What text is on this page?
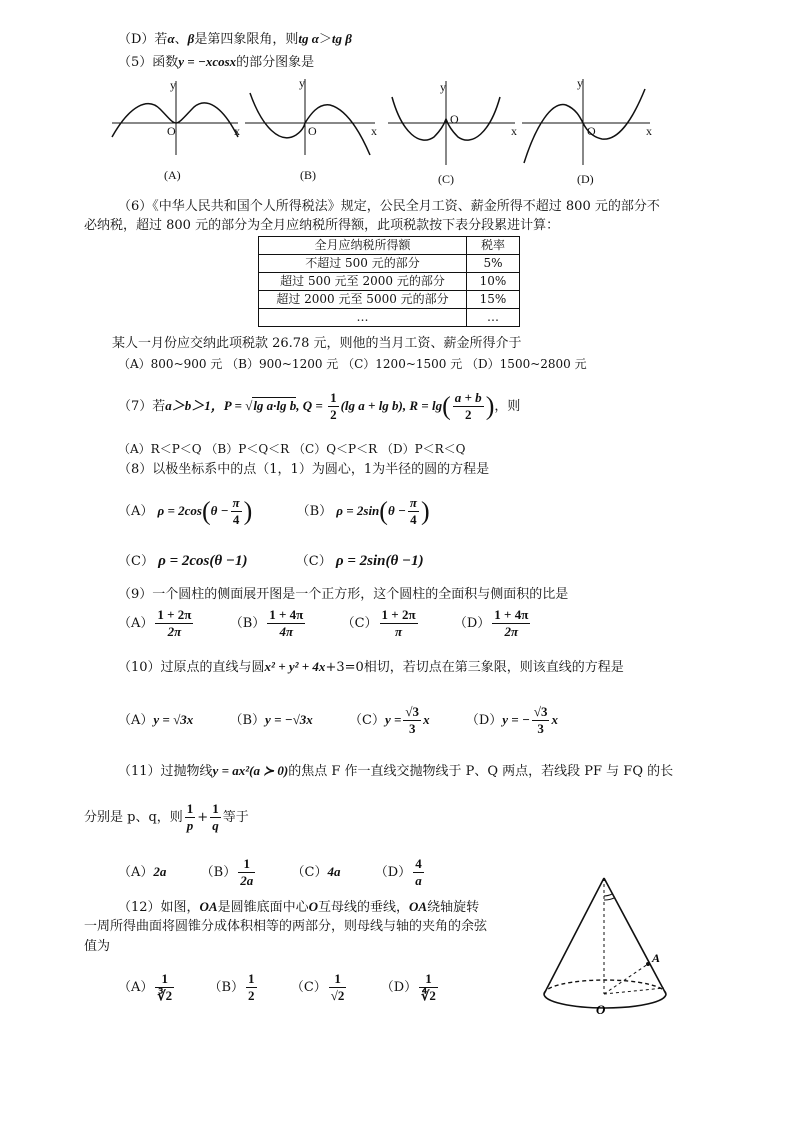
（D）若α、β是第四象限角，则tg α＞tg β
（5）函数y = −xcosx的部分图象是
y
O	x
(A)
y
O	x
(B)
y
O
x
(C)
y
O	x
(D)
（6）《中华人民共和国个人所得税法》规定，公民全月工资、薪金所得不超过 800 元的部分不
必纳税，超过 800 元的部分为全月应纳税所得额，此项税款按下表分段累进计算：
全月应纳税所得额	税率
不超过 500 元的部分	5%
超过 500 元至 2000 元的部分	10%
超过 2000 元至 5000 元的部分	15%
…	…
某人一月份应交纳此项税款 26.78 元，则他的当月工资、薪金所得介于
（A）800~900 元 （B）900~1200 元 （C）1200~1500 元 （D）1500~2800 元
（7）若a＞b＞1，P = √lg a·lg b, $Q = \frac{1}{2} (\lg$ a + lg b), $R = \lg( \frac{a + b}{2}$ )，则
（A）R＜P＜Q （B）P＜Q＜R （C）Q＜P＜R （D）P＜R＜Q
（8）以极坐标系中的点（1，1）为圆心，1为半径的圆的方程是
（A） $\rho = 2\cos(\theta - \frac{\pi}{4}$ )	（B） $\rho = 2\sin(\theta - \frac{\pi}{4}$ )
（C） ρ = 2cos(θ −1)	（C） ρ = 2sin(θ −1)
（9）一个圆柱的侧面展开图是一个正方形，这个圆柱的全面积与侧面积的比是
$(A) \frac{1 + 2\pi}{2\pi}$	$(B) \frac{1 + 4\pi}{4\pi}$	$(C) \frac{1 + 2\pi}{\pi}$	$(D) \frac{1 + 4\pi}{2\pi}$
（10）过原点的直线与圆x² + y² + 4x+3=0相切，若切点在第三象限，则该直线的方程是
（A）y = √3x	（B）y = −√3x	$(C)y = \frac{√3}{3}$ x	（D）y = − $\frac{√3}{3}$ x
（11）过抛物线y = ax²(a ≻ 0)的焦点 F 作一直线交抛物线于 P、Q 两点，若线段 PF 与 FQ 的长
分别是 p、q，则 $\frac{1}{p} + \frac{1}{q}$ 等于
（A）2a	$(B) \frac{1}{2a}$	（C）4a	$(D) \frac{4}{a}$
（12）如图，OA是圆锥底面中心O互母线的垂线，OA绕轴旋转
一周所得曲面将圆锥分成体积相等的两部分，则母线与轴的夹角的余弦
值为
$(A) \frac{1}{∛2}$	$(B) \frac{1}{2}$	$(C) \frac{1}{√2}$	$(D) \frac{1}{∜2}$
A
O
